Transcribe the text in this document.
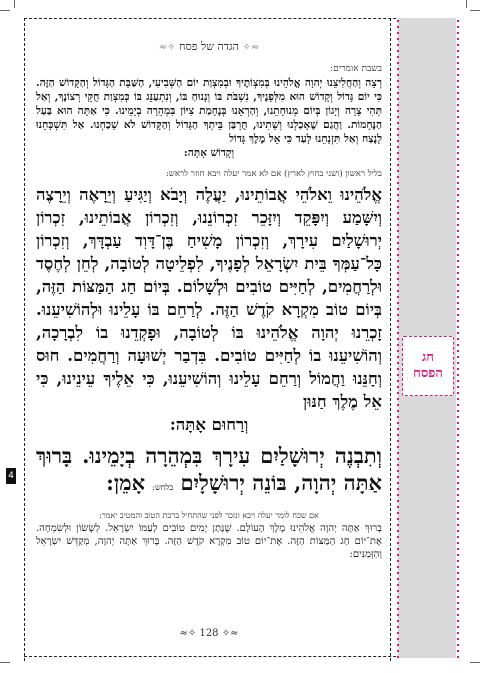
חג
הפסח
4
≈✧ הגדה של פסח ✧≈

בשבת אומרים:

רְצֵה וְהַחֲלִיצֵנוּ יְהוָה אֱלֹהֵינוּ בְּמִצְוֹתֶיךָ וּבְמִצְוַת יוֹם הַשְּׁבִיעִי, הַשַּׁבָּת הַגָּדוֹל וְהַקָּדוֹשׁ הַזֶּה. כִּי יוֹם גָּדוֹל וְקָדוֹשׁ הוּא מִלְּפָנֶיךָ, נִשְׁבֹּת בּוֹ וְנָנוּחַ בּוֹ, וְנִתְעַנֵּג בּוֹ כְּמִצְוַת חֻקֵּי רְצוֹנֶךָ, וְאַל תְּהִי צָרָה וְיָגוֹן בְּיוֹם מְנוּחָתֵנוּ, וְהַרְאֵנוּ בְּנֶחָמַת צִיּוֹן בִּמְהֵרָה בְיָמֵינוּ. כִּי אַתָּה הוּא בַּעַל הַנֶּחָמוֹת. וַהֲגַם שֶׁאָכַלְנוּ וְשָׁתִינוּ, חֻרְבַּן בֵּיתְךָ הַגָּדוֹל וְהַקָּדוֹשׁ לֹא שָׁכַחְנוּ. אַל תִּשְׁכָּחֵנוּ לָנֶצַח וְאַל תִּזְנָחֵנוּ לָעַד כִּי אֵל מֶלֶךְ גָּדוֹל
וְקָדוֹשׁ אָתָּה:

בליל ראשון (ושני בחוץ לארץ) אם לא אמר יעלה ויבא חוזר לראש:

אֱלֹהֵינוּ וֵאלֹהֵי אֲבוֹתֵינוּ, יַעֲלֶה וְיָבֹא וְיַגִּיעַ וְיֵרָאֶה וְיֵרָצֶה וְיִשָּׁמַע וְיִפָּקֵד וְיִזָּכֵר זִכְרוֹנֵנוּ, וְזִכְרוֹן אֲבוֹתֵינוּ, זִכְרוֹן יְרוּשָׁלַיִם עִירָךְ, וְזִכְרוֹן מָשִׁיחַ בֶּן־דָּוִד עַבְדָּךְ, וְזִכְרוֹן כָּל־עַמְּךָ בֵּית יִשְׂרָאֵל לְפָנֶיךָ, לִפְלֵיטָה לְטוֹבָה, לְחֵן לְחֶסֶד וּלְרַחֲמִים, לְחַיִּים טוֹבִים וּלְשָׁלוֹם. בְּיוֹם חַג הַמַּצּוֹת הַזֶּה, בְּיוֹם טוֹב מִקְרָא קֹדֶשׁ הַזֶּה. לְרַחֵם בּוֹ עָלֵינוּ וּלְהוֹשִׁיעֵנוּ. זָכְרֵנוּ יְהוָה אֱלֹהֵינוּ בּוֹ לְטוֹבָה, וּפָקְדֵנוּ בוֹ לִבְרָכָה, וְהוֹשִׁיעֵנוּ בוֹ לְחַיִּים טוֹבִים. בִּדְבַר יְשׁוּעָה וְרַחֲמִים. חוּס וְחָנֵּנוּ וַחֲמוֹל וְרַחֵם עָלֵינוּ וְהוֹשִׁיעֵנוּ, כִּי אֵלֶיךָ עֵינֵינוּ, כִּי אֵל מֶלֶךְ חַנּוּן
וְרַחוּם אָתָּה:

וְתִבְנֶה יְרוּשָׁלַיִם עִירָךְ בִּמְהֵרָה בְיָמֵינוּ. בָּרוּךְ אַתָּה יְהוָה, בּוֹנֵה יְרוּשָׁלָיִם בלחש: אָמֵן:

אם שכח לומר יעלה ויבא ונזכר לפני שהתחיל ברכת הטוב והמטיב יאמר:

בָּרוּךְ אַתָּה יְהוָה אֱלֹהֵינוּ מֶלֶךְ הָעוֹלָם. שֶׁנָּתַן יָמִים טוֹבִים לְעַמּוֹ יִשְׂרָאֵל. לְשָׂשׂוֹן וּלְשִׂמְחָה. אֶת־יוֹם חַג הַמַּצּוֹת הַזֶּה. אֶת־יוֹם טוֹב מִקְרָא קֹדֶשׁ הַזֶּה. בָּרוּךְ אַתָּה יְהוָה, מְקַדֵּשׁ יִשְׂרָאֵל וְהַזְּמַנִּים:

≈✧ 128 ✧≈
